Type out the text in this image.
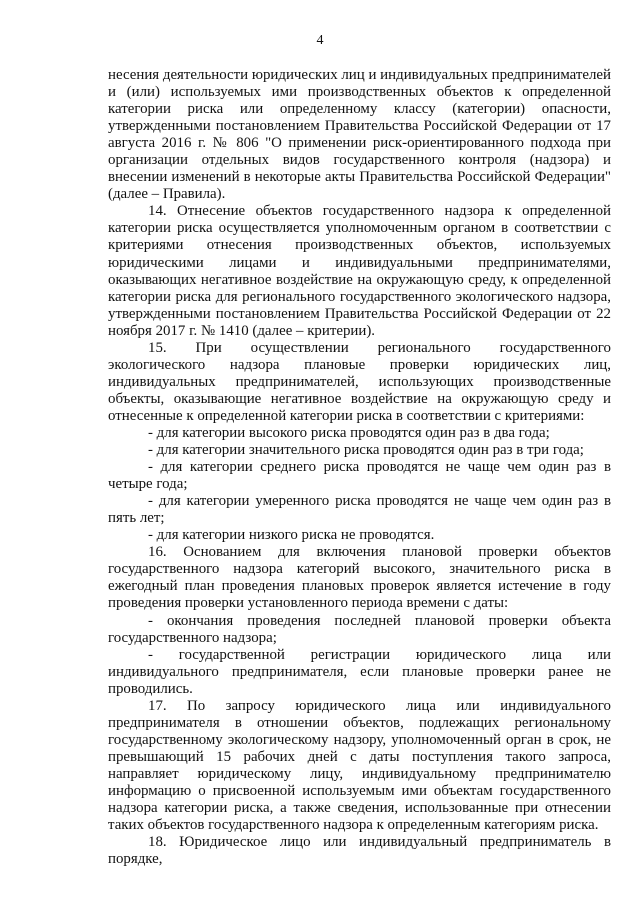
4

несения деятельности юридических лиц и индивидуальных предпринимателей и (или) используемых ими производственных объектов к определенной категории риска или определенному классу (категории) опасности, утвержденными постановлением Правительства Российской Федерации от 17 августа 2016 г. № 806 "О применении риск-ориентированного подхода при организации отдельных видов государственного контроля (надзора) и внесении изменений в некоторые акты Правительства Российской Федерации" (далее – Правила).

14. Отнесение объектов государственного надзора к определенной категории риска осуществляется уполномоченным органом в соответствии с критериями отнесения производственных объектов, используемых юридическими лицами и индивидуальными предпринимателями, оказывающих негативное воздействие на окружающую среду, к определенной категории риска для регионального государственного экологического надзора, утвержденными постановлением Правительства Российской Федерации от 22 ноября 2017 г. № 1410 (далее – критерии).

15. При осуществлении регионального государственного экологического надзора плановые проверки юридических лиц, индивидуальных предпринимателей, использующих производственные объекты, оказывающие негативное воздействие на окружающую среду и отнесенные к определенной категории риска в соответствии с критериями:

- для категории высокого риска проводятся один раз в два года;

- для категории значительного риска проводятся один раз в три года;

- для категории среднего риска проводятся не чаще чем один раз в четыре года;

- для категории умеренного риска проводятся не чаще чем один раз в пять лет;

- для категории низкого риска не проводятся.

16. Основанием для включения плановой проверки объектов государственного надзора категорий высокого, значительного риска в ежегодный план проведения плановых проверок является истечение в году проведения проверки установленного периода времени с даты:

- окончания проведения последней плановой проверки объекта государственного надзора;

- государственной регистрации юридического лица или индивидуального предпринимателя, если плановые проверки ранее не проводились.

17. По запросу юридического лица или индивидуального предпринимателя в отношении объектов, подлежащих региональному государственному экологическому надзору, уполномоченный орган в срок, не превышающий 15 рабочих дней с даты поступления такого запроса, направляет юридическому лицу, индивидуальному предпринимателю информацию о присвоенной используемым ими объектам государственного надзора категории риска, а также сведения, использованные при отнесении таких объектов государственного надзора к определенным категориям риска.

18. Юридическое лицо или индивидуальный предприниматель в порядке,
